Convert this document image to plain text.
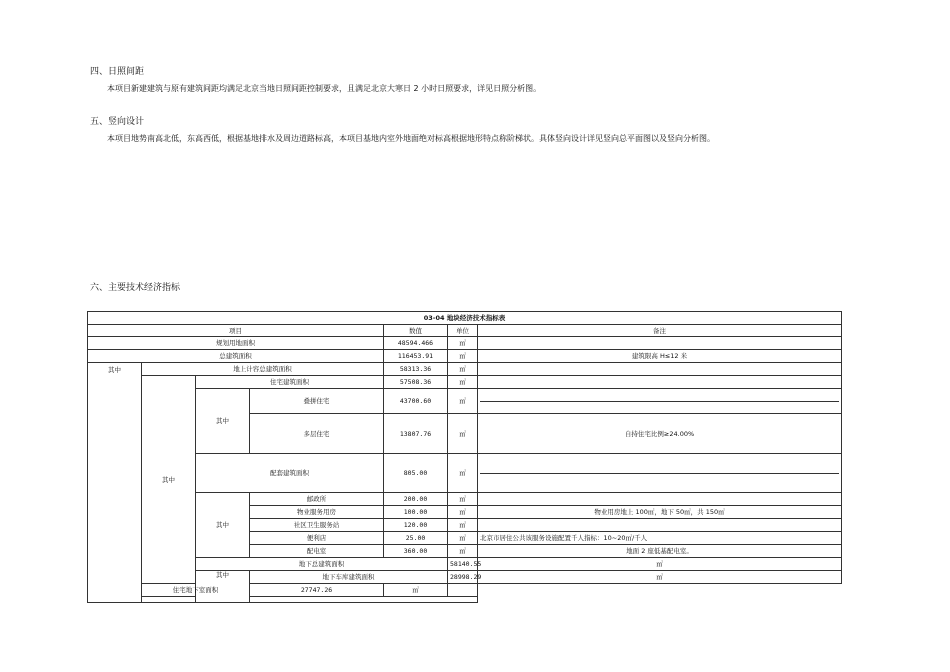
四、日照间距
本项目新建建筑与原有建筑间距均满足北京当地日照间距控制要求，且满足北京大寒日 2 小时日照要求，详见日照分析图。
五、竖向设计
本项目地势南高北低，东高西低，根据基地排水及周边道路标高，本项目基地内室外地面绝对标高根据地形特点称阶梯状。具体竖向设计详见竖向总平面图以及竖向分析图。
六、主要技术经济指标
03-04 地块经济技术指标表							
项目				数值	单位	备注	
规划用地面积				48594.466	㎡		
总建筑面积				116453.91	㎡	建筑限高 H≤12 米	
其中	地上计容总建筑面积			58313.36	㎡		
	其中	住宅建筑面积		57508.36	㎡		
		其中	叠拼住宅	43700.60	㎡		

			多层住宅	13807.76	㎡	自持住宅比例≥24.00%	
		配套建筑面积		805.00	㎡		

		其中	邮政所	200.00	㎡		
			物业服务用房	100.00	㎡	物业用房地上 100㎡，地下 50㎡，共 150㎡	
			社区卫生服务站	120.00	㎡		
			便利店	25.00	㎡	北京市居住公共该服务设施配置千人指标：10~20㎡/千人	
			配电室	360.00	㎡	地面 2 座低基配电室。	
		地下总建筑面积			58140.55	㎡	
		其中	地下车库建筑面积		28998.29	㎡	
	住宅地下室面积		27747.26	㎡			
